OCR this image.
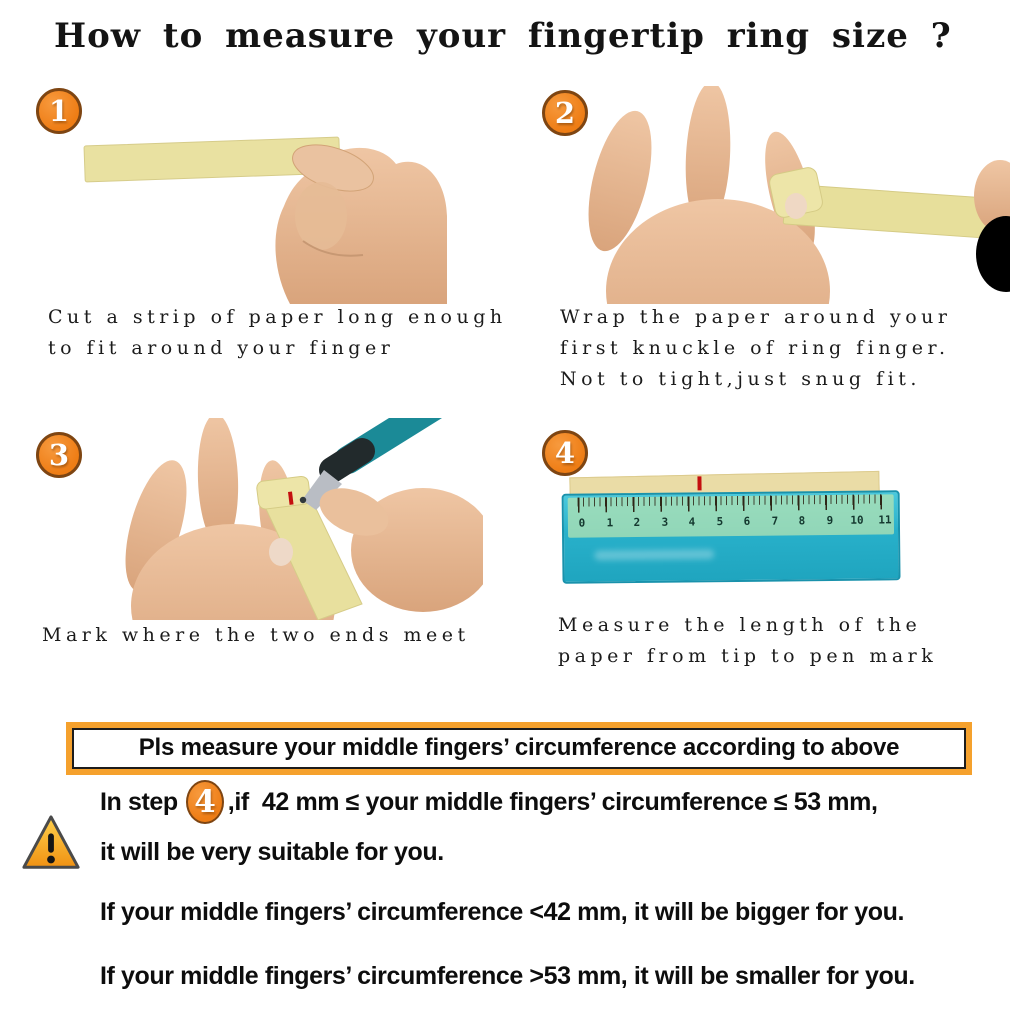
How to measure your fingertip ring size ?
1	2
Cut a strip of paper long enough
to fit around your finger
Wrap the paper around your
first knuckle of ring finger.
Not to tight,just snug fit.
3	4
0 1 2 3 4 5 6 7 8 9 10 11
Mark where the two ends meet	Measure the length of the
paper from tip to pen mark
Pls measure your middle fingers’ circumference according to above
In step 4 ,if  42 mm ≤ your middle fingers’ circumference ≤ 53 mm,
it will be very suitable for you.
If your middle fingers’ circumference <42 mm, it will be bigger for you.
If your middle fingers’ circumference >53 mm, it will be smaller for you.
